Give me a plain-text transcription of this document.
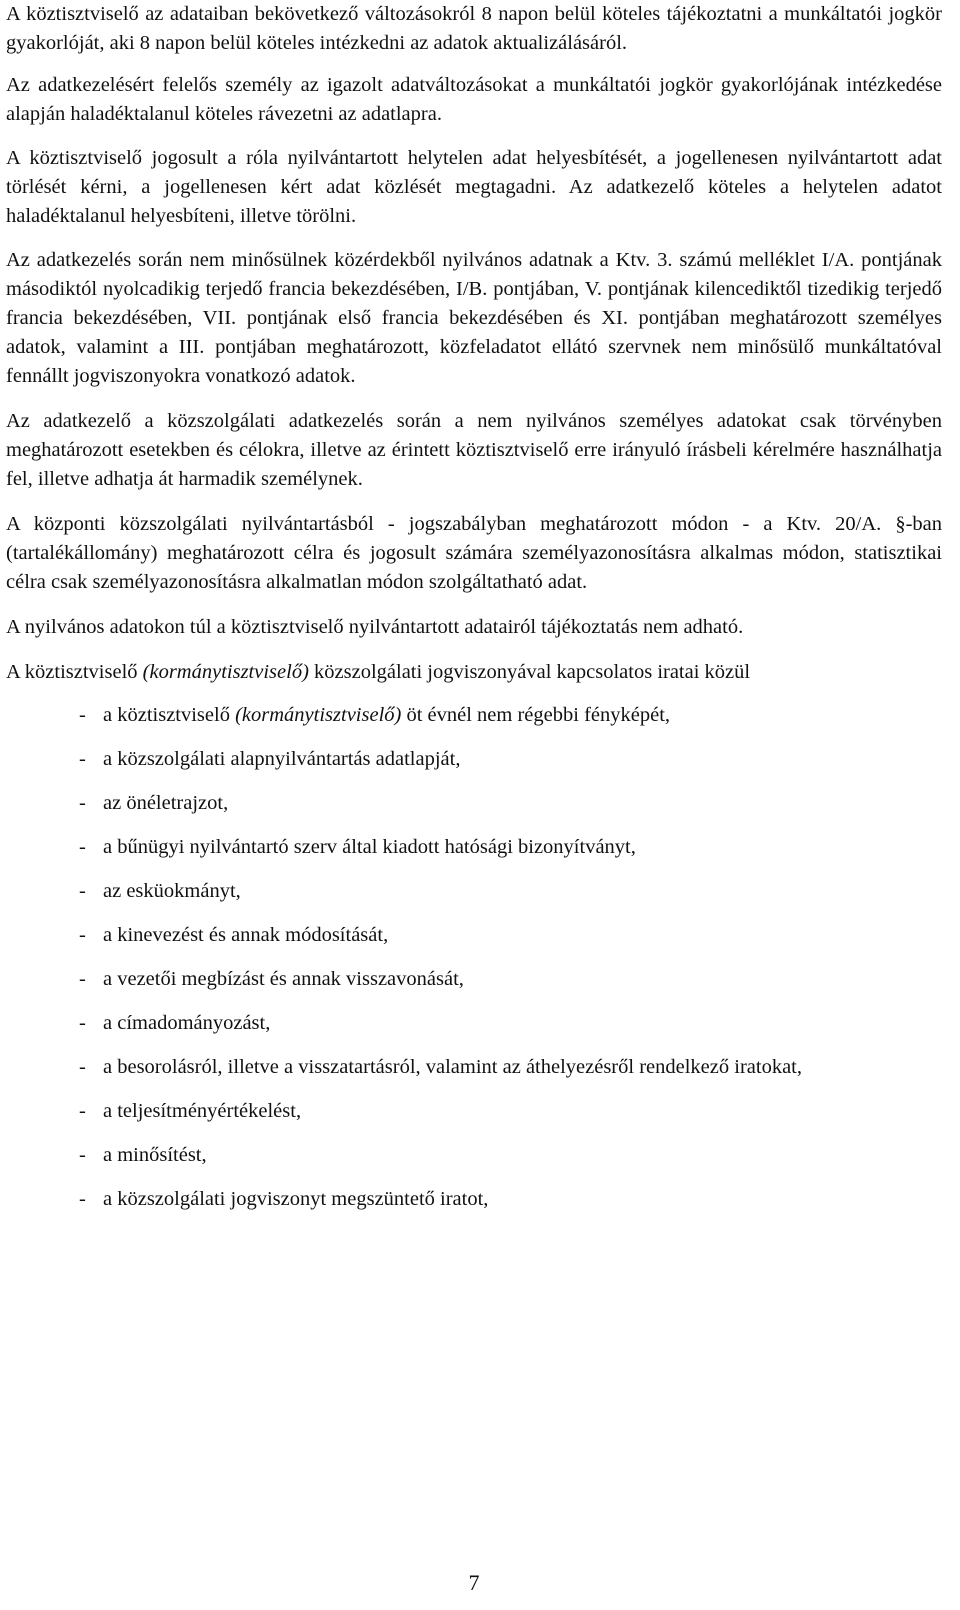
A köztisztviselő az adataiban bekövetkező változásokról 8 napon belül köteles tájékoztatni a munkáltatói jogkör gyakorlóját, aki 8 napon belül köteles intézkedni az adatok aktualizálásáról.

Az adatkezelésért felelős személy az igazolt adatváltozásokat a munkáltatói jogkör gyakorlójának intézkedése alapján haladéktalanul köteles rávezetni az adatlapra.

A köztisztviselő jogosult a róla nyilvántartott helytelen adat helyesbítését, a jogellenesen nyilvántartott adat törlését kérni, a jogellenesen kért adat közlését megtagadni. Az adatkezelő köteles a helytelen adatot haladéktalanul helyesbíteni, illetve törölni.

Az adatkezelés során nem minősülnek közérdekből nyilvános adatnak a Ktv. 3. számú melléklet I/A. pontjának másodiktól nyolcadikig terjedő francia bekezdésében, I/B. pontjában, V. pontjának kilencediktől tizedikig terjedő francia bekezdésében, VII. pontjának első francia bekezdésében és XI. pontjában meghatározott személyes adatok, valamint a III. pontjában meghatározott, közfeladatot ellátó szervnek nem minősülő munkáltatóval fennállt jogviszonyokra vonatkozó adatok.

Az adatkezelő a közszolgálati adatkezelés során a nem nyilvános személyes adatokat csak törvényben meghatározott esetekben és célokra, illetve az érintett köztisztviselő erre irányuló írásbeli kérelmére használhatja fel, illetve adhatja át harmadik személynek.

A központi közszolgálati nyilvántartásból - jogszabályban meghatározott módon - a Ktv. 20/A. §-ban (tartalékállomány) meghatározott célra és jogosult számára személyazonosításra alkalmas módon, statisztikai célra csak személyazonosításra alkalmatlan módon szolgáltatható adat.

A nyilvános adatokon túl a köztisztviselő nyilvántartott adatairól tájékoztatás nem adható.

A köztisztviselő (kormánytisztviselő) közszolgálati jogviszonyával kapcsolatos iratai közül

- a köztisztviselő (kormánytisztviselő) öt évnél nem régebbi fényképét,
- a közszolgálati alapnyilvántartás adatlapját,
- az önéletrajzot,
- a bűnügyi nyilvántartó szerv által kiadott hatósági bizonyítványt,
- az esküokmányt,
- a kinevezést és annak módosítását,
- a vezetői megbízást és annak visszavonását,
- a címadományozást,
- a besorolásról, illetve a visszatartásról, valamint az áthelyezésről rendelkező iratokat,
- a teljesítményértékelést,
- a minősítést,
- a közszolgálati jogviszonyt megszüntető iratot,
7
